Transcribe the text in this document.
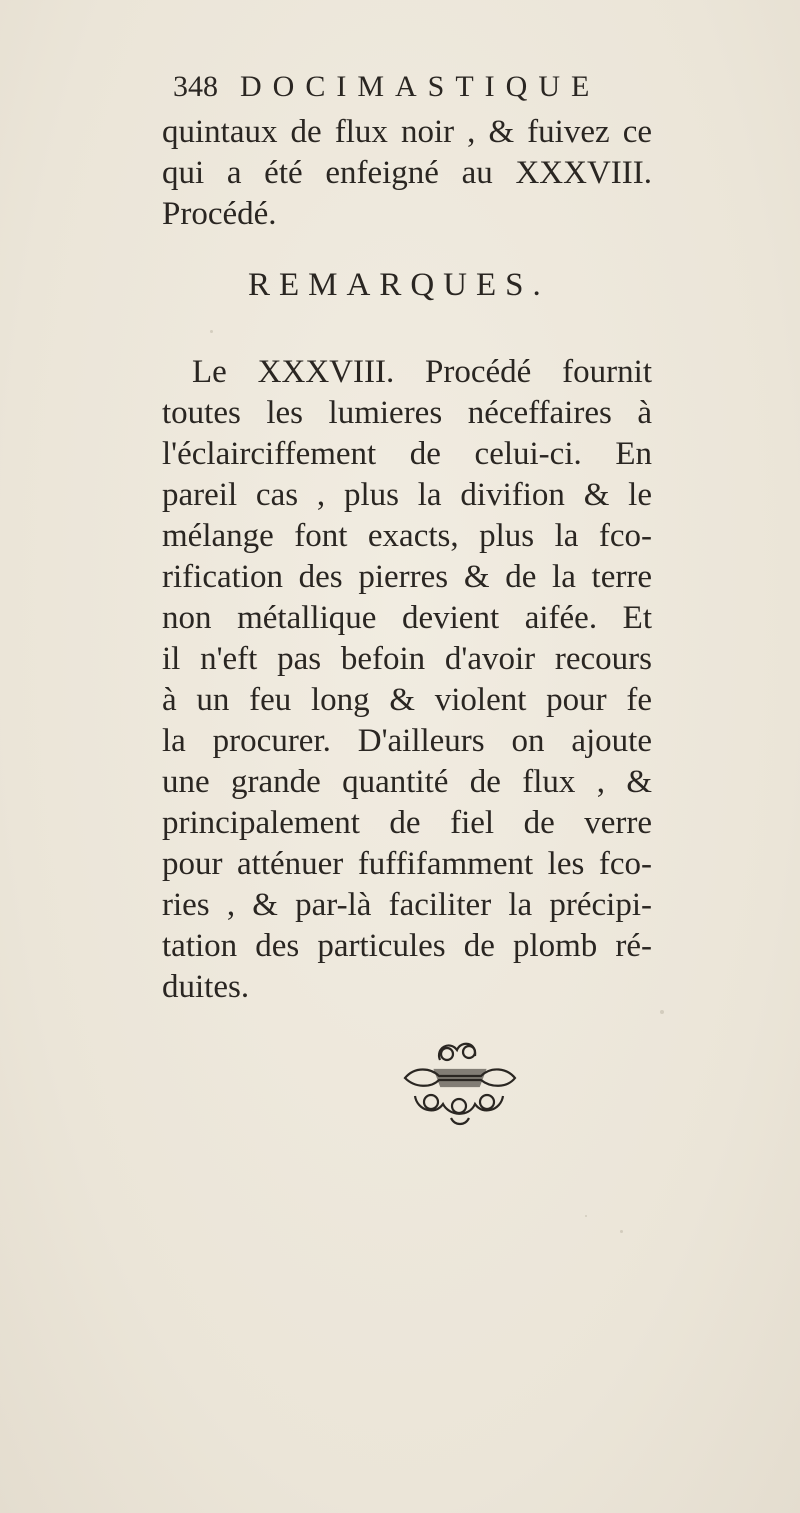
348 DOCIMASTIQUE
quintaux de flux noir , & fuivez ce
qui a été enfeigné au XXXVIII.
Procédé.
REMARQUES.
Le XXXVIII. Procédé fournit
toutes les lumieres néceffaires à
l'éclairciffement de celui-ci. En
pareil cas , plus la divifion & le
mélange font exacts, plus la fco-
rification des pierres & de la terre
non métallique devient aifée. Et
il n'eft pas befoin d'avoir recours
à un feu long & violent pour fe
la procurer. D'ailleurs on ajoute
une grande quantité de flux , &
principalement de fiel de verre
pour atténuer fuffifamment les fco-
ries , & par-là faciliter la précipi-
tation des particules de plomb ré-
duites.
